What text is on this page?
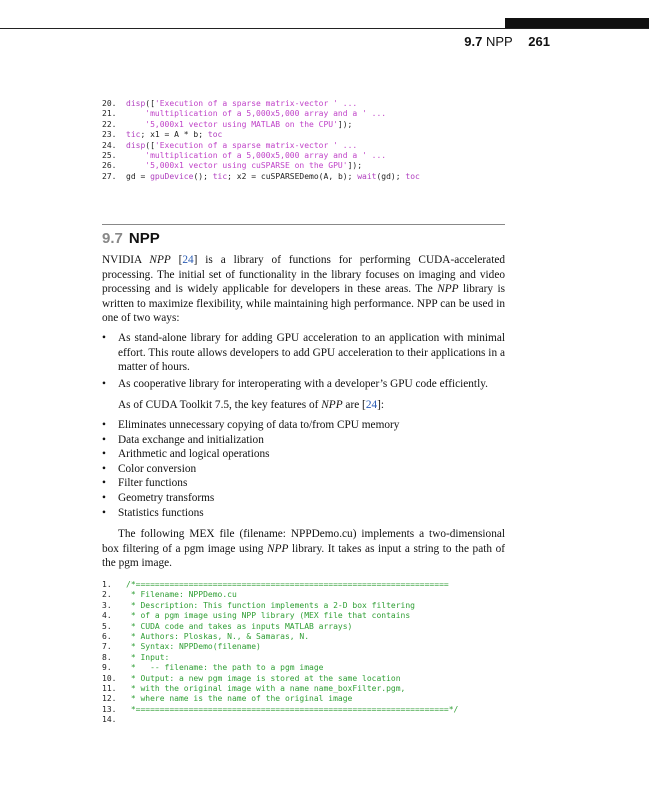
9.7 NPP 261
20. disp(['Execution of a sparse matrix-vector ' ...
21.	'multiplication of a 5,000x5,000 array and a ' ...
22.	'5,000x1 vector using MATLAB on the CPU']);
23. tic; x1 = A * b; toc
24. disp(['Execution of a sparse matrix-vector ' ...
25.	'multiplication of a 5,000x5,000 array and a ' ...
26.	'5,000x1 vector using cuSPARSE on the GPU']);
27. gd = gpuDevice(); tic; x2 = cuSPARSEDemo(A, b); wait(gd); toc
9.7 NPP

NVIDIA NPP [24] is a library of functions for performing CUDA-accelerated processing. The initial set of functionality in the library focuses on imaging and video processing and is widely applicable for developers in these areas. The NPP library is written to maximize flexibility, while maintaining high performance. NPP can be used in one of two ways:

• As stand-alone library for adding GPU acceleration to an application with minimal effort. This route allows developers to add GPU acceleration to their applications in a matter of hours.
• As cooperative library for interoperating with a developer’s GPU code efficiently.

As of CUDA Toolkit 7.5, the key features of NPP are [24]:

• Eliminates unnecessary copying of data to/from CPU memory
• Data exchange and initialization
• Arithmetic and logical operations
• Color conversion
• Filter functions
• Geometry transforms
• Statistics functions

The following MEX file (filename: NPPDemo.cu) implements a two-dimensional box filtering of a pgm image using NPP library. It takes as input a string to the path of the pgm image.

1. /*=================================================================
2. * Filename: NPPDemo.cu
3. * Description: This function implements a 2-D box filtering
4. * of a pgm image using NPP library (MEX file that contains
5. * CUDA code and takes as inputs MATLAB arrays)
6. * Authors: Ploskas, N., & Samaras, N.
7. * Syntax: NPPDemo(filename)
8. * Input:
9. *   -- filename: the path to a pgm image
10. * Output: a new pgm image is stored at the same location
11. * with the original image with a name name_boxFilter.pgm,
12. * where name is the name of the original image
13. *=================================================================*/
14.
